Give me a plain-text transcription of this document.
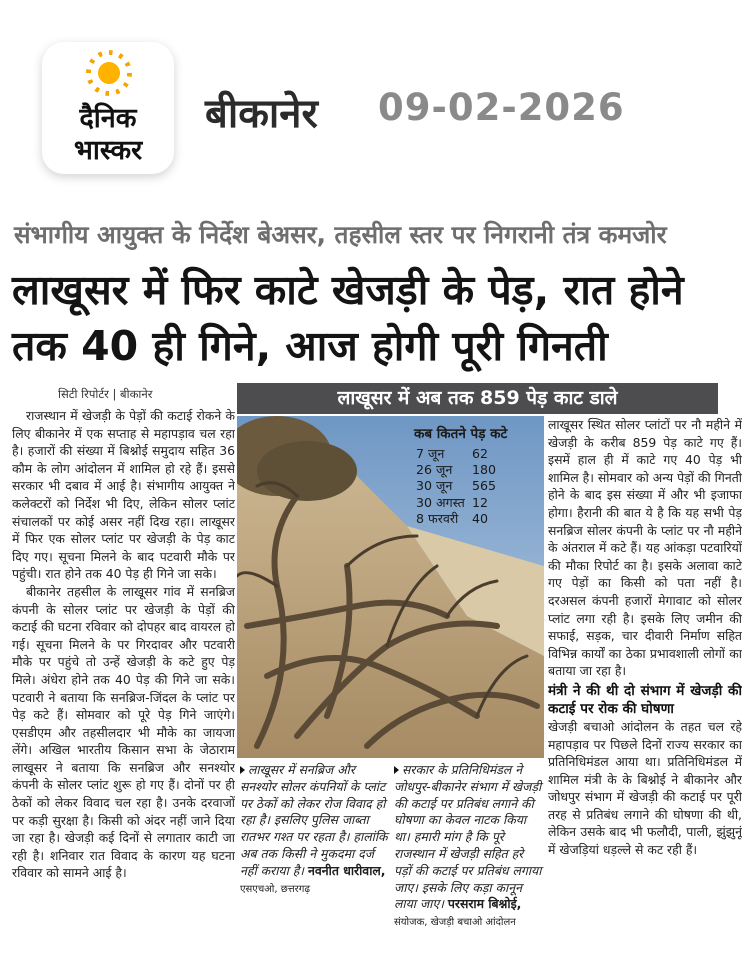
दैनिक
भास्कर
बीकानेर 09-02-2026
संभागीय आयुक्त के निर्देश बेअसर, तहसील स्तर पर निगरानी तंत्र कमजोर
लाखूसर में फिर काटे खेजड़ी के पेड़, रात होने तक 40 ही गिने, आज होगी पूरी गिनती
सिटी रिपोर्टर | बीकानेर

राजस्थान में खेजड़ी के पेड़ों की कटाई रोकने के लिए बीकानेर में एक सप्ताह से महापड़ाव चल रहा है। हजारों की संख्या में बिश्नोई समुदाय सहित 36 कौम के लोग आंदोलन में शामिल हो रहे हैं। इससे सरकार भी दबाव में आई है। संभागीय आयुक्त ने कलेक्टरों को निर्देश भी दिए, लेकिन सोलर प्लांट संचालकों पर कोई असर नहीं दिख रहा। लाखूसर में फिर एक सोलर प्लांट पर खेजड़ी के पेड़ काट दिए गए। सूचना मिलने के बाद पटवारी मौके पर पहुंची। रात होने तक 40 पेड़ ही गिने जा सके।

बीकानेर तहसील के लाखूसर गांव में सनब्रिज कंपनी के सोलर प्लांट पर खेजड़ी के पेड़ों की कटाई की घटना रविवार को दोपहर बाद वायरल हो गई। सूचना मिलने के पर गिरदावर और पटवारी मौके पर पहुंचे तो उन्हें खेजड़ी के कटे हुए पेड़ मिले। अंधेरा होने तक 40 पेड़ की गिने जा सके। पटवारी ने बताया कि सनब्रिज-जिंदल के प्लांट पर पेड़ कटे हैं। सोमवार को पूरे पेड़ गिने जाएंगे। एसडीएम और तहसीलदार भी मौके का जायजा लेंगे। अखिल भारतीय किसान सभा के जेठाराम लाखूसर ने बताया कि सनब्रिज और सनश्योर कंपनी के सोलर प्लांट शुरू हो गए हैं। दोनों पर ही ठेकों को लेकर विवाद चल रहा है। उनके दरवाजों पर कड़ी सुरक्षा है। किसी को अंदर नहीं जाने दिया जा रहा है। खेजड़ी कई दिनों से लगातार काटी जा रही है। शनिवार रात विवाद के कारण यह घटना रविवार को सामने आई है।

लाखूसर में अब तक 859 पेड़ काट डाले
कब कितने पेड़ कटे
7 जून	62
26 जून	180
30 जून	565
30 अगस्त 12
8 फरवरी	40
लाखूसर में सनब्रिज और सनश्योर सोलर कंपनियों के प्लांट पर ठेकों को लेकर रोज विवाद हो रहा है। इसलिए पुलिस जाब्ता रातभर गश्त पर रहता है। हालांकि अब तक किसी ने मुकदमा दर्ज नहीं कराया है। नवनीत धारीवाल, एसएचओ, छत्तरगढ़
सरकार के प्रतिनिधिमंडल ने जोधपुर-बीकानेर संभाग में खेजड़ी की कटाई पर प्रतिबंध लगाने की घोषणा का केवल नाटक किया था। हमारी मांग है कि पूरे राजस्थान में खेजड़ी सहित हरे पड़ों की कटाई पर प्रतिबंध लगाया जाए। इसके लिए कड़ा कानून लाया जाए। परसराम बिश्नोई, संयोजक, खेजड़ी बचाओ आंदोलन

लाखूसर स्थित सोलर प्लांटों पर नौ महीने में खेजड़ी के करीब 859 पेड़ काटे गए हैं। इसमें हाल ही में काटे गए 40 पेड़ भी शामिल है। सोमवार को अन्य पेड़ों की गिनती होने के बाद इस संख्या में और भी इजाफा होगा। हैरानी की बात ये है कि यह सभी पेड़ सनब्रिज सोलर कंपनी के प्लांट पर नौ महीने के अंतराल में कटे हैं। यह आंकड़ा पटवारियों की मौका रिपोर्ट का है। इसके अलावा काटे गए पेड़ों का किसी को पता नहीं है। दरअसल कंपनी हजारों मेगावाट को सोलर प्लांट लगा रही है। इसके लिए जमीन की सफाई, सड़क, चार दीवारी निर्माण सहित विभिन्न कार्यों का ठेका प्रभावशाली लोगों का बताया जा रहा है।

मंत्री ने की थी दो संभाग में खेजड़ी की कटाई पर रोक की घोषणा

खेजड़ी बचाओ आंदोलन के तहत चल रहे महापड़ाव पर पिछले दिनों राज्य सरकार का प्रतिनिधिमंडल आया था। प्रतिनिधिमंडल में शामिल मंत्री के के बिश्नोई ने बीकानेर और जोधपुर संभाग में खेजड़ी की कटाई पर पूरी तरह से प्रतिबंध लगाने की घोषणा की थी, लेकिन उसके बाद भी फलौदी, पाली, झुंझुनूं में खेजड़ियां धड़ल्ले से कट रही हैं।
